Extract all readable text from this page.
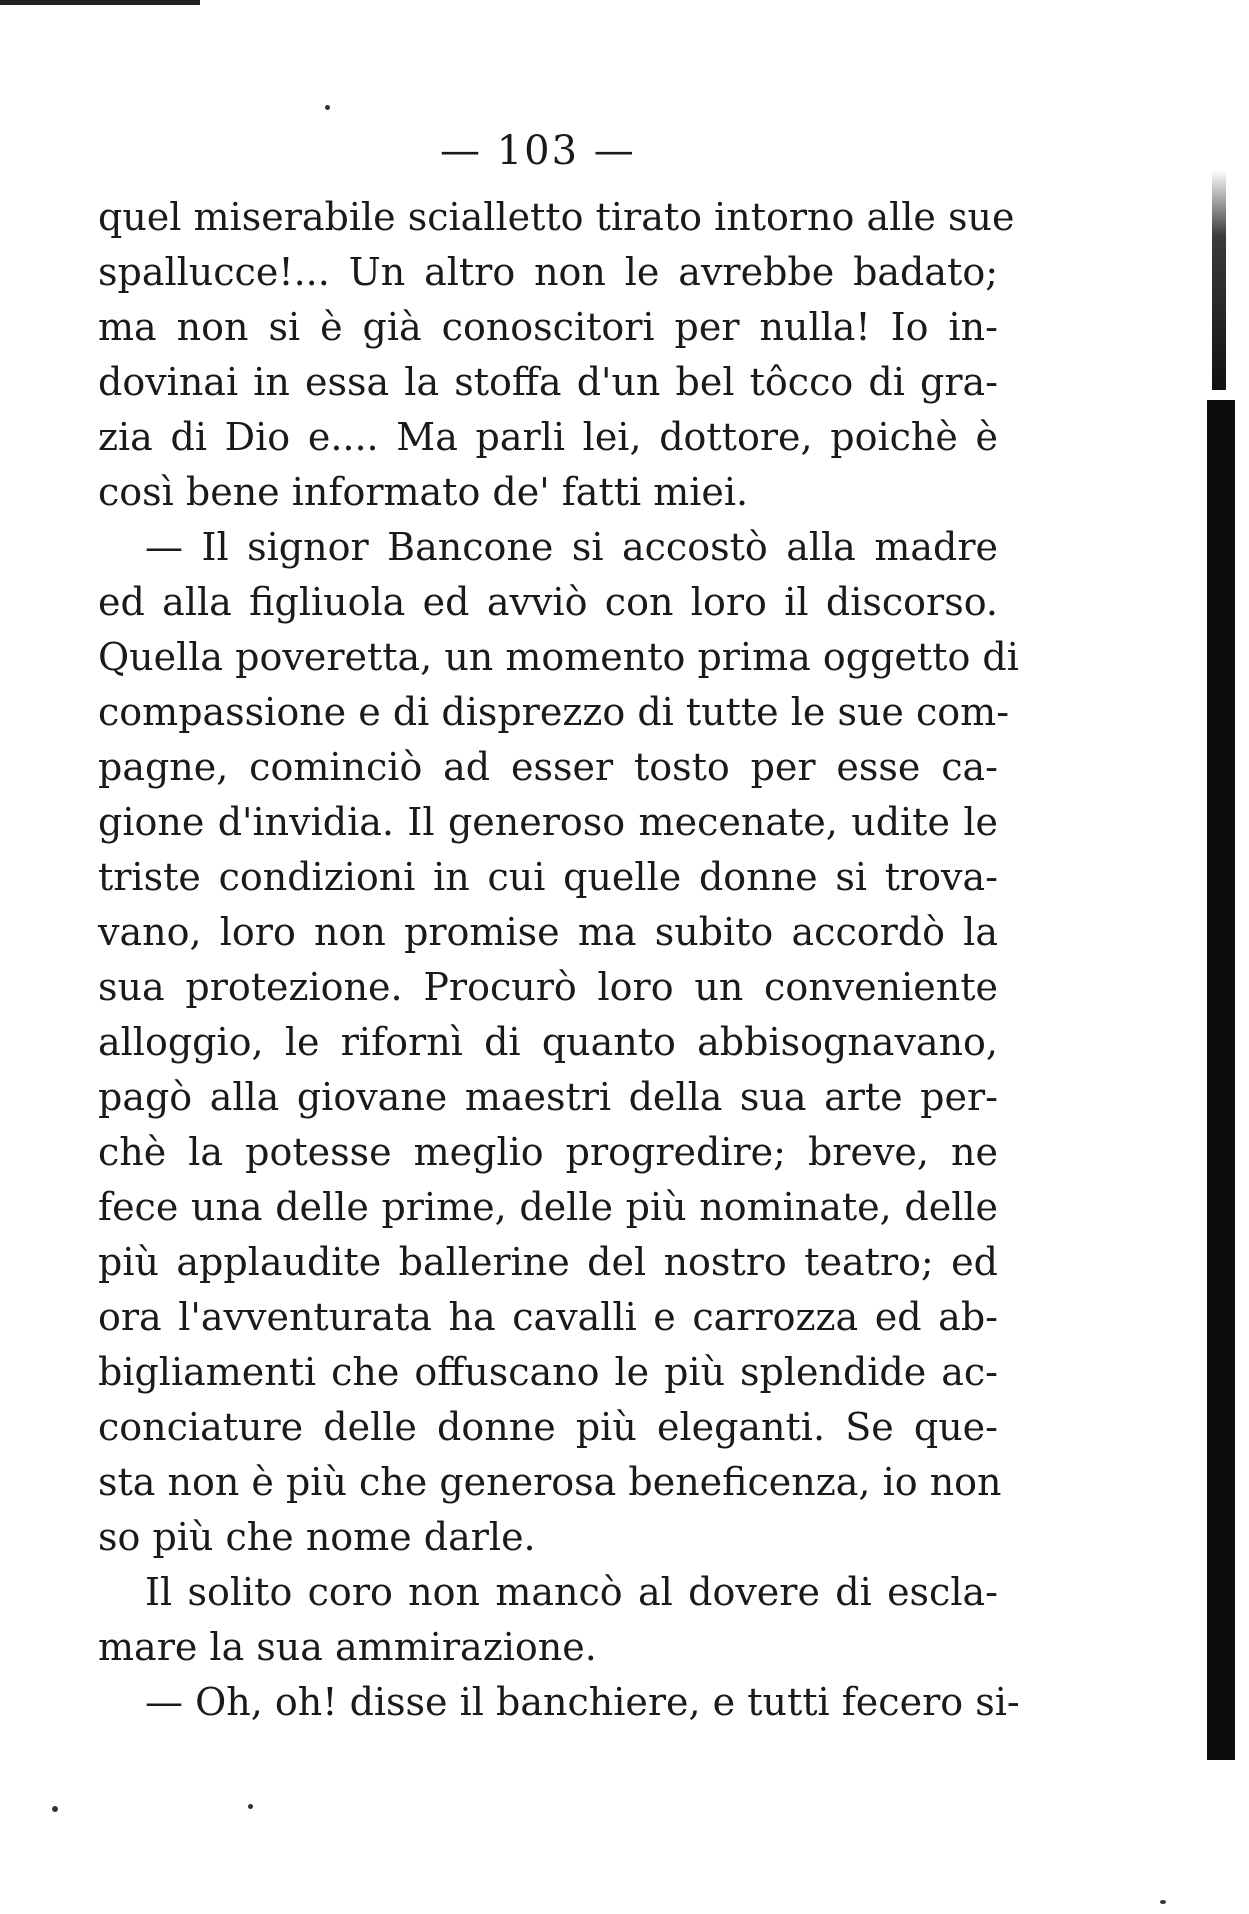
— 103 —
quel miserabile scialletto tirato intorno alle sue
spallucce!... Un altro non le avrebbe badato;
ma non si è già conoscitori per nulla! Io in-
dovinai in essa la stoffa d'un bel tôcco di gra-
zia di Dio e.... Ma parli lei, dottore, poichè è
così bene informato de' fatti miei.
— Il signor Bancone si accostò alla madre
ed alla figliuola ed avviò con loro il discorso.
Quella poveretta, un momento prima oggetto di
compassione e di disprezzo di tutte le sue com-
pagne, cominciò ad esser tosto per esse ca-
gione d'invidia. Il generoso mecenate, udite le
triste condizioni in cui quelle donne si trova-
vano, loro non promise ma subito accordò la
sua protezione. Procurò loro un conveniente
alloggio, le rifornì di quanto abbisognavano,
pagò alla giovane maestri della sua arte per-
chè la potesse meglio progredire; breve, ne
fece una delle prime, delle più nominate, delle
più applaudite ballerine del nostro teatro; ed
ora l'avventurata ha cavalli e carrozza ed ab-
bigliamenti che offuscano le più splendide ac-
conciature delle donne più eleganti. Se que-
sta non è più che generosa beneficenza, io non
so più che nome darle.
Il solito coro non mancò al dovere di escla-
mare la sua ammirazione.
— Oh, oh! disse il banchiere, e tutti fecero si-
